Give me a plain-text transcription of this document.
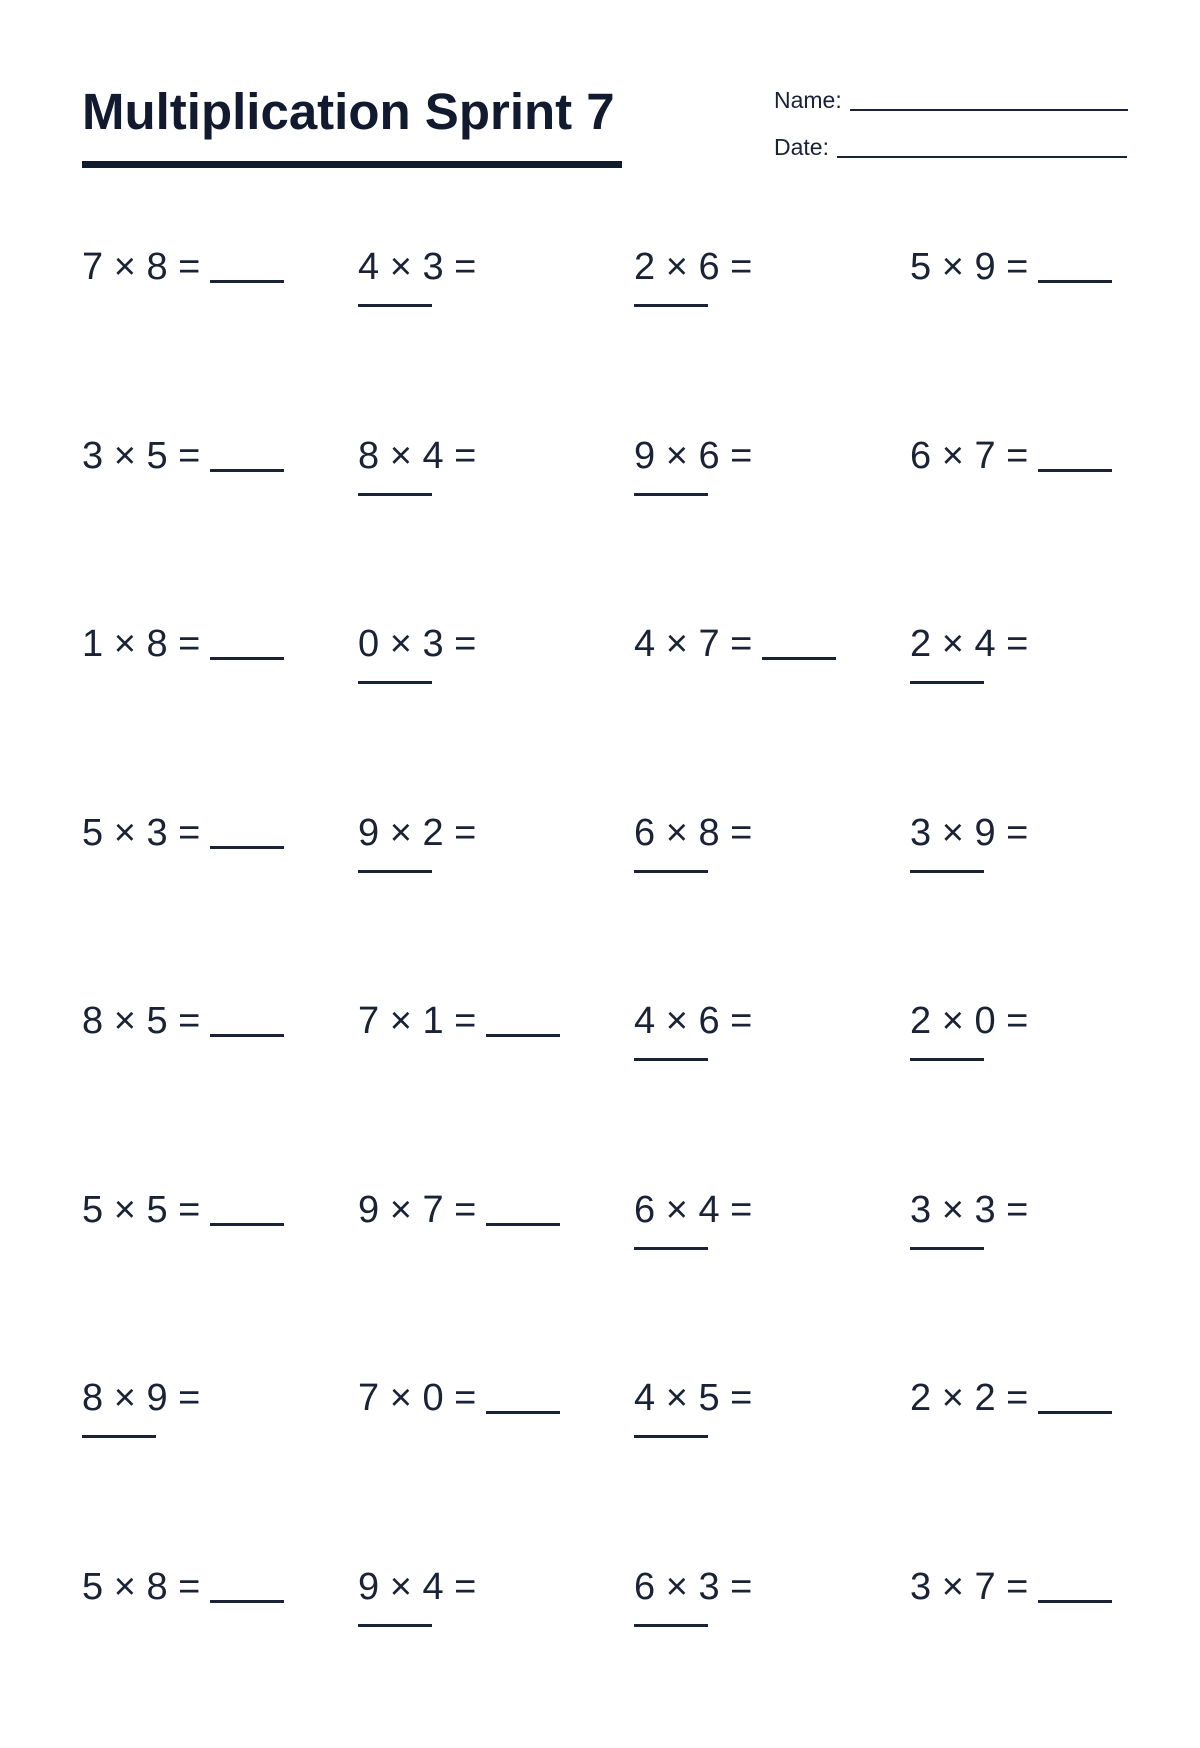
Multiplication Sprint 7	Name:
Date:
7 × 8 =	4 × 3 =	2 × 6 =	5 × 9 =
3 × 5 =	8 × 4 =	9 × 6 =	6 × 7 =
1 × 8 =	0 × 3 =	4 × 7 =	2 × 4 =
5 × 3 =	9 × 2 =	6 × 8 =	3 × 9 =
8 × 5 =	7 × 1 =	4 × 6 =	2 × 0 =
5 × 5 =	9 × 7 =	6 × 4 =	3 × 3 =
8 × 9 =	7 × 0 =	4 × 5 =	2 × 2 =
5 × 8 =	9 × 4 =	6 × 3 =	3 × 7 =
